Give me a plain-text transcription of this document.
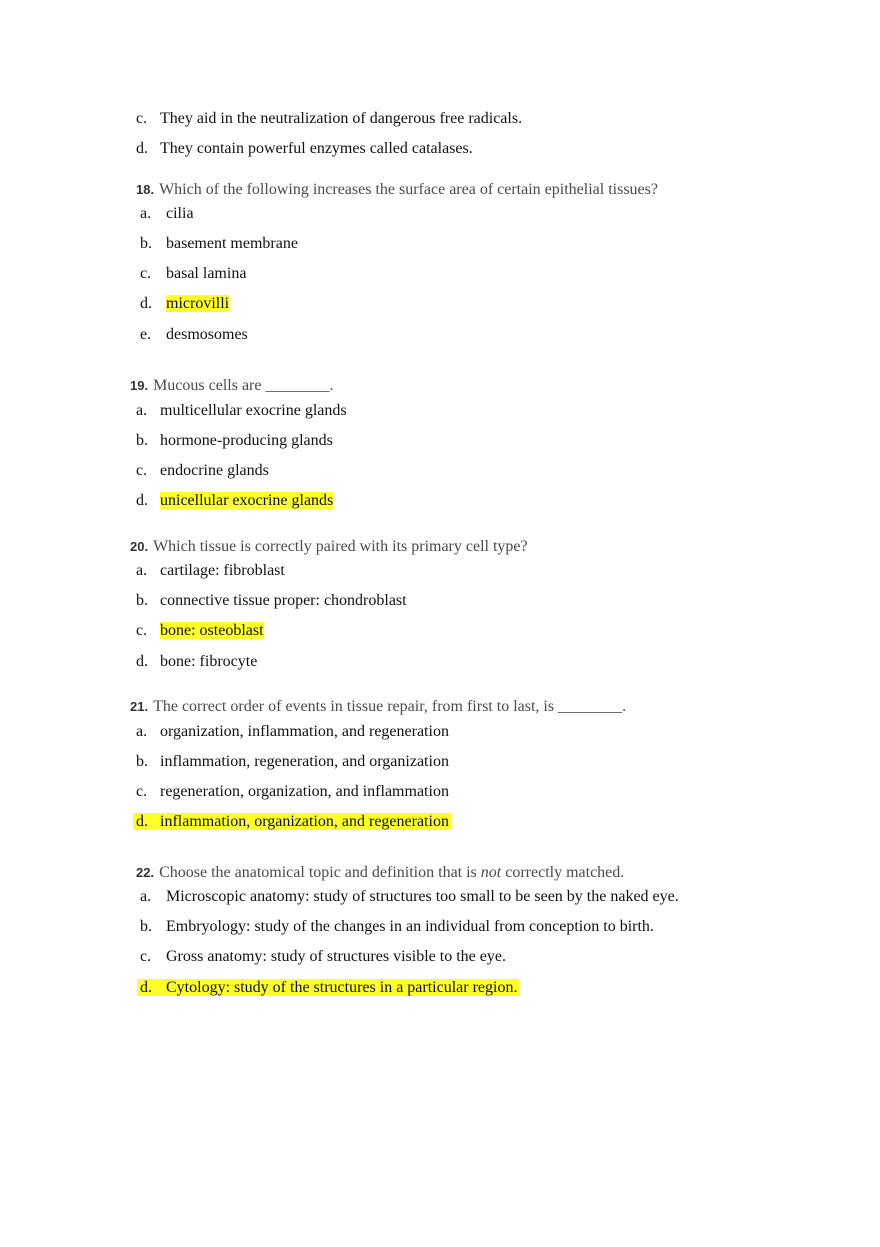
c. They aid in the neutralization of dangerous free radicals.
d. They contain powerful enzymes called catalases.
18. Which of the following increases the surface area of certain epithelial tissues?
a. cilia
b. basement membrane
c. basal lamina
d. microvilli
e. desmosomes
19. Mucous cells are ________.
a. multicellular exocrine glands
b. hormone-producing glands
c. endocrine glands
d. unicellular exocrine glands
20. Which tissue is correctly paired with its primary cell type?
a. cartilage: fibroblast
b. connective tissue proper: chondroblast
c. bone: osteoblast
d. bone: fibrocyte
21. The correct order of events in tissue repair, from first to last, is ________.
a. organization, inflammation, and regeneration
b. inflammation, regeneration, and organization
c. regeneration, organization, and inflammation
d. inflammation, organization, and regeneration
22. Choose the anatomical topic and definition that is not correctly matched.
a. Microscopic anatomy: study of structures too small to be seen by the naked eye.
b. Embryology: study of the changes in an individual from conception to birth.
c. Gross anatomy: study of structures visible to the eye.
d. Cytology: study of the structures in a particular region.
